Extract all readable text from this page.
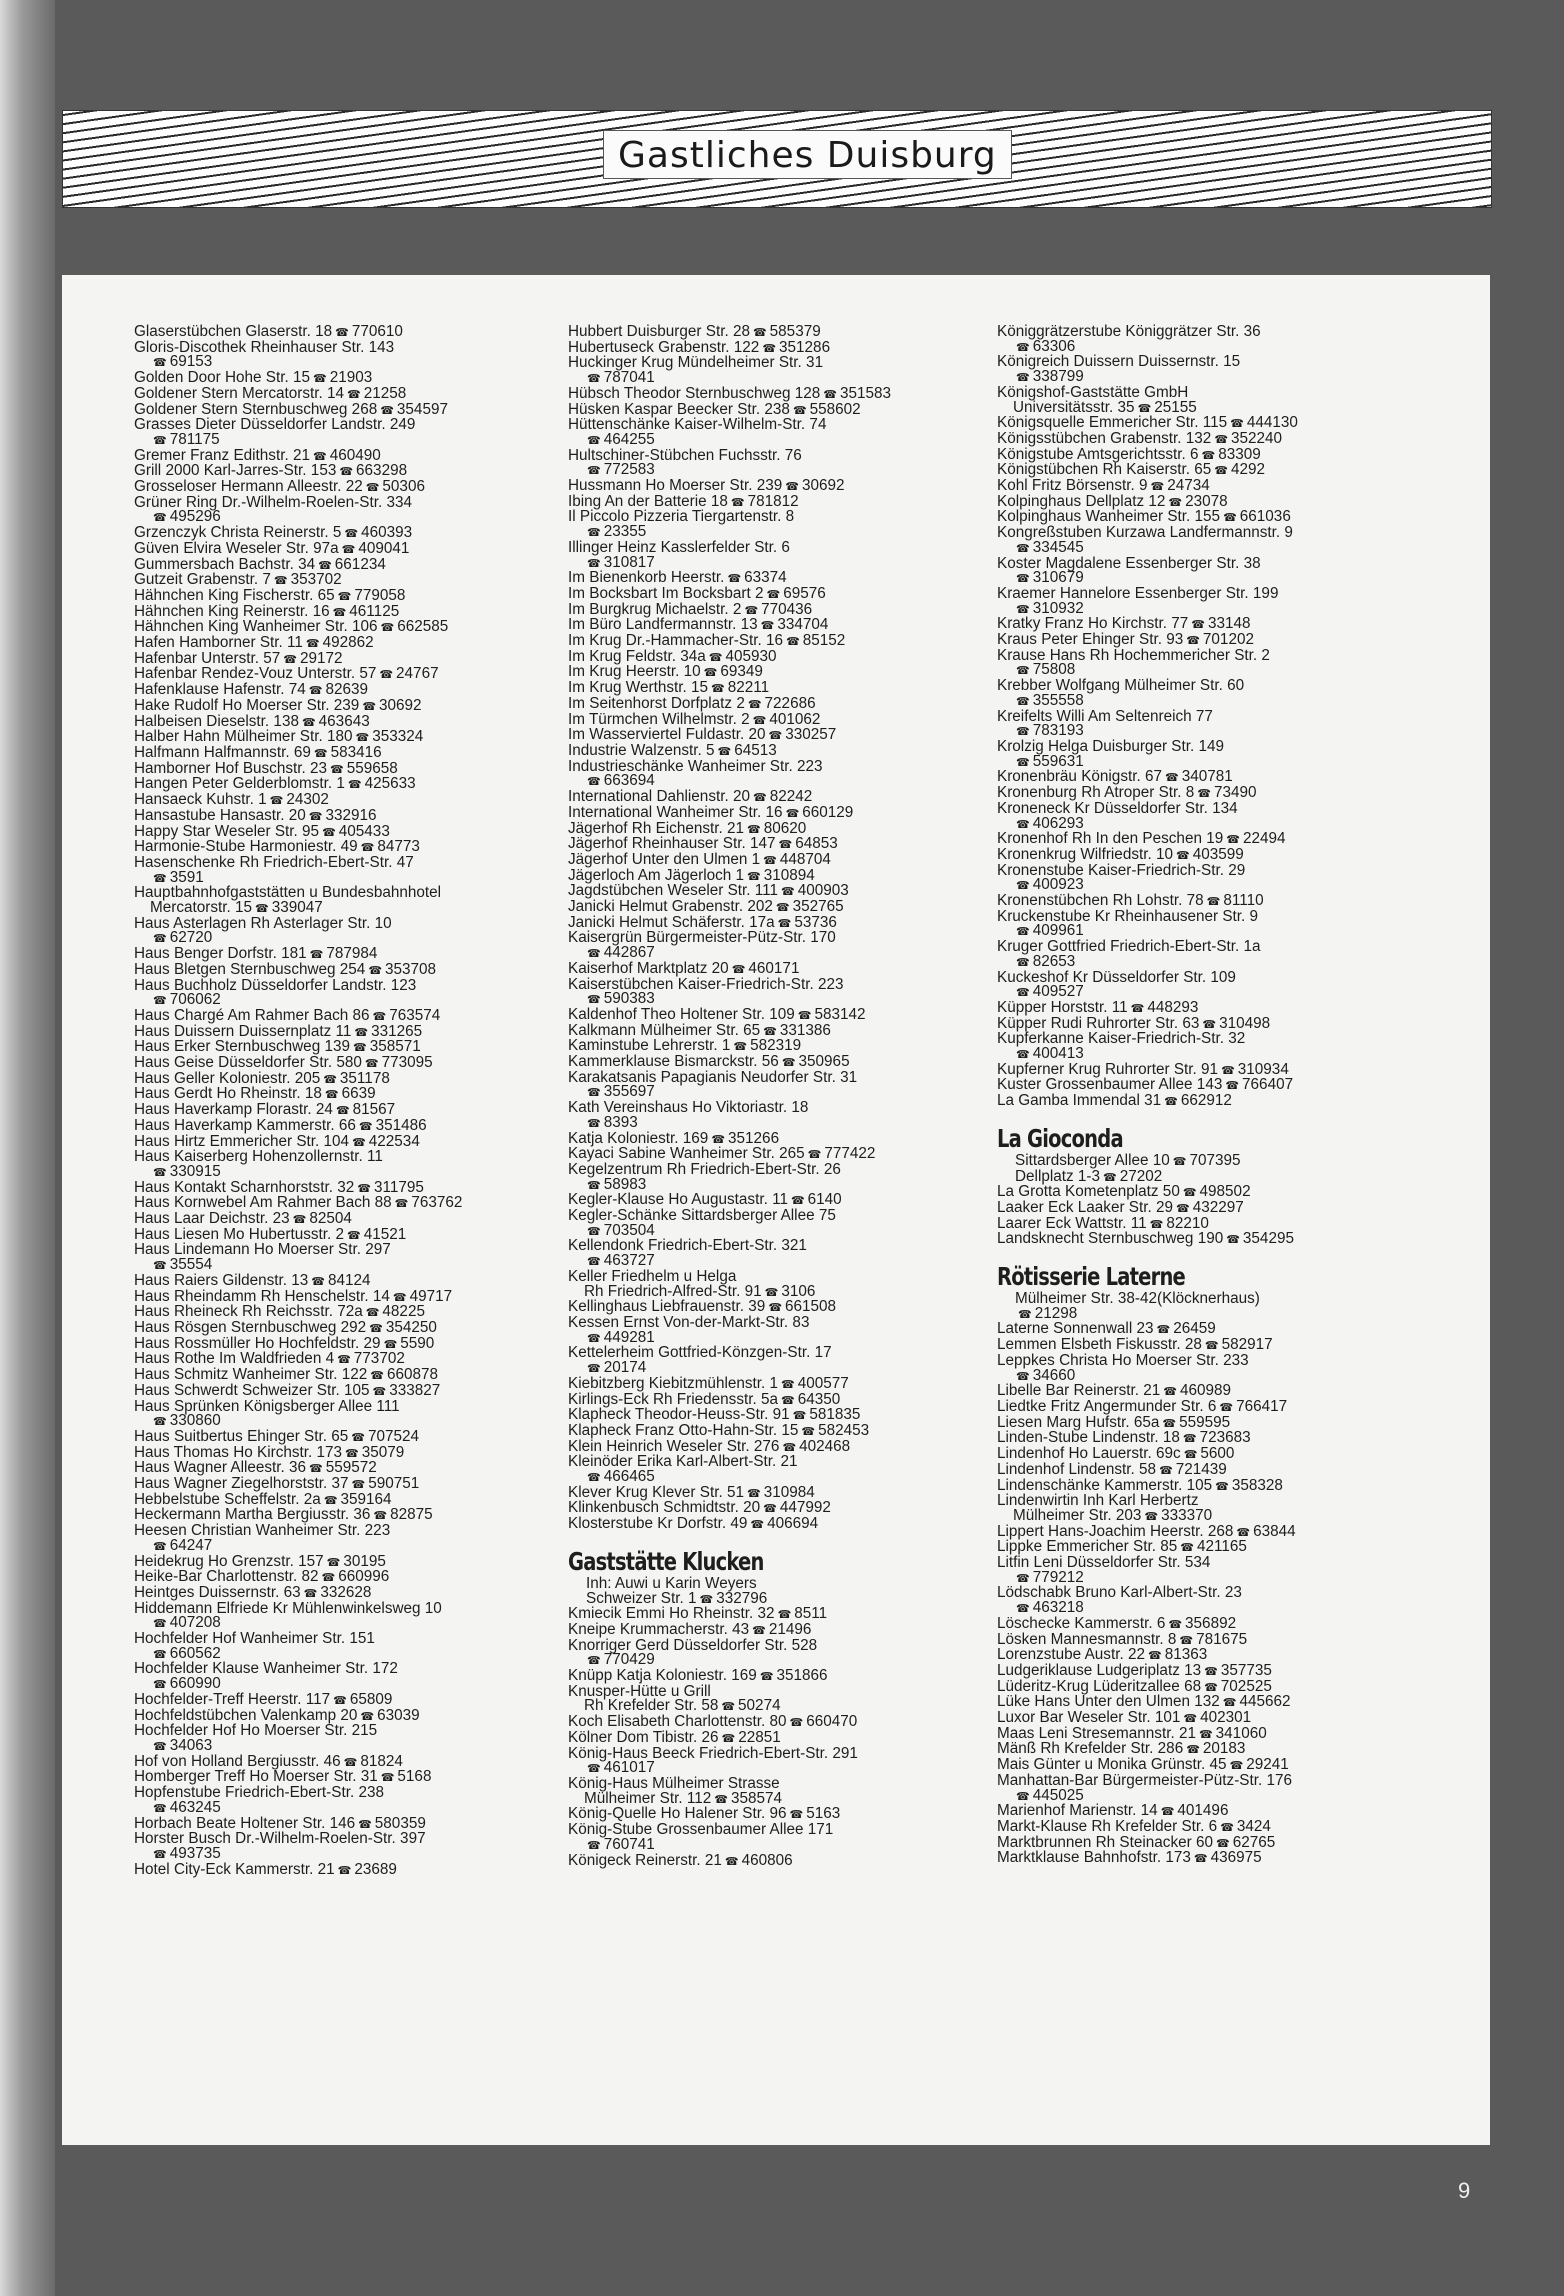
Gastliches Duisburg
Glaserstübchen Glaserstr. 18 ☎ 770610
Gloris-Discothek Rheinhauser Str. 143
☎ 69153
Golden Door Hohe Str. 15 ☎ 21903
Goldener Stern Mercatorstr. 14 ☎ 21258
Goldener Stern Sternbuschweg 268 ☎ 354597
Grasses Dieter Düsseldorfer Landstr. 249
☎ 781175
Gremer Franz Edithstr. 21 ☎ 460490
Grill 2000 Karl-Jarres-Str. 153 ☎ 663298
Grosseloser Hermann Alleestr. 22 ☎ 50306
Grüner Ring Dr.-Wilhelm-Roelen-Str. 334
☎ 495296
Grzenczyk Christa Reinerstr. 5 ☎ 460393
Güven Elvira Weseler Str. 97a ☎ 409041
Gummersbach Bachstr. 34 ☎ 661234
Gutzeit Grabenstr. 7 ☎ 353702
Hähnchen King Fischerstr. 65 ☎ 779058
Hähnchen King Reinerstr. 16 ☎ 461125
Hähnchen King Wanheimer Str. 106 ☎ 662585
Hafen Hamborner Str. 11 ☎ 492862
Hafenbar Unterstr. 57 ☎ 29172
Hafenbar Rendez-Vouz Unterstr. 57 ☎ 24767
Hafenklause Hafenstr. 74 ☎ 82639
Hake Rudolf Ho Moerser Str. 239 ☎ 30692
Halbeisen Dieselstr. 138 ☎ 463643
Halber Hahn Mülheimer Str. 180 ☎ 353324
Halfmann Halfmannstr. 69 ☎ 583416
Hamborner Hof Buschstr. 23 ☎ 559658
Hangen Peter Gelderblomstr. 1 ☎ 425633
Hansaeck Kuhstr. 1 ☎ 24302
Hansastube Hansastr. 20 ☎ 332916
Happy Star Weseler Str. 95 ☎ 405433
Harmonie-Stube Harmoniestr. 49 ☎ 84773
Hasenschenke Rh Friedrich-Ebert-Str. 47
☎ 3591
Hauptbahnhofgaststätten u Bundesbahnhotel
Mercatorstr. 15 ☎ 339047
Haus Asterlagen Rh Asterlager Str. 10
☎ 62720
Haus Benger Dorfstr. 181 ☎ 787984
Haus Bletgen Sternbuschweg 254 ☎ 353708
Haus Buchholz Düsseldorfer Landstr. 123
☎ 706062
Haus Chargé Am Rahmer Bach 86 ☎ 763574
Haus Duissern Duissernplatz 11 ☎ 331265
Haus Erker Sternbuschweg 139 ☎ 358571
Haus Geise Düsseldorfer Str. 580 ☎ 773095
Haus Geller Koloniestr. 205 ☎ 351178
Haus Gerdt Ho Rheinstr. 18 ☎ 6639
Haus Haverkamp Florastr. 24 ☎ 81567
Haus Haverkamp Kammerstr. 66 ☎ 351486
Haus Hirtz Emmericher Str. 104 ☎ 422534
Haus Kaiserberg Hohenzollernstr. 11
☎ 330915
Haus Kontakt Scharnhorststr. 32 ☎ 311795
Haus Kornwebel Am Rahmer Bach 88 ☎ 763762
Haus Laar Deichstr. 23 ☎ 82504
Haus Liesen Mo Hubertusstr. 2 ☎ 41521
Haus Lindemann Ho Moerser Str. 297
☎ 35554
Haus Raiers Gildenstr. 13 ☎ 84124
Haus Rheindamm Rh Henschelstr. 14 ☎ 49717
Haus Rheineck Rh Reichsstr. 72a ☎ 48225
Haus Rösgen Sternbuschweg 292 ☎ 354250
Haus Rossmüller Ho Hochfeldstr. 29 ☎ 5590
Haus Rothe Im Waldfrieden 4 ☎ 773702
Haus Schmitz Wanheimer Str. 122 ☎ 660878
Haus Schwerdt Schweizer Str. 105 ☎ 333827
Haus Sprünken Königsberger Allee 111
☎ 330860
Haus Suitbertus Ehinger Str. 65 ☎ 707524
Haus Thomas Ho Kirchstr. 173 ☎ 35079
Haus Wagner Alleestr. 36 ☎ 559572
Haus Wagner Ziegelhorststr. 37 ☎ 590751
Hebbelstube Scheffelstr. 2a ☎ 359164
Heckermann Martha Bergiusstr. 36 ☎ 82875
Heesen Christian Wanheimer Str. 223
☎ 64247
Heidekrug Ho Grenzstr. 157 ☎ 30195
Heike-Bar Charlottenstr. 82 ☎ 660996
Heintges Duissernstr. 63 ☎ 332628
Hiddemann Elfriede Kr Mühlenwinkelsweg 10
☎ 407208
Hochfelder Hof Wanheimer Str. 151
☎ 660562
Hochfelder Klause Wanheimer Str. 172
☎ 660990
Hochfelder-Treff Heerstr. 117 ☎ 65809
Hochfeldstübchen Valenkamp 20 ☎ 63039
Hochfelder Hof Ho Moerser Str. 215
☎ 34063
Hof von Holland Bergiusstr. 46 ☎ 81824
Homberger Treff Ho Moerser Str. 31 ☎ 5168
Hopfenstube Friedrich-Ebert-Str. 238
☎ 463245
Horbach Beate Holtener Str. 146 ☎ 580359
Horster Busch Dr.-Wilhelm-Roelen-Str. 397
☎ 493735
Hotel City-Eck Kammerstr. 21 ☎ 23689
Hubbert Duisburger Str. 28 ☎ 585379
Hubertuseck Grabenstr. 122 ☎ 351286
Huckinger Krug Mündelheimer Str. 31
☎ 787041
Hübsch Theodor Sternbuschweg 128 ☎ 351583
Hüsken Kaspar Beecker Str. 238 ☎ 558602
Hüttenschänke Kaiser-Wilhelm-Str. 74
☎ 464255
Hultschiner-Stübchen Fuchsstr. 76
☎ 772583
Hussmann Ho Moerser Str. 239 ☎ 30692
Ibing An der Batterie 18 ☎ 781812
Il Piccolo Pizzeria Tiergartenstr. 8
☎ 23355
Illinger Heinz Kasslerfelder Str. 6
☎ 310817
Im Bienenkorb Heerstr. ☎ 63374
Im Bocksbart Im Bocksbart 2 ☎ 69576
Im Burgkrug Michaelstr. 2 ☎ 770436
Im Büro Landfermannstr. 13 ☎ 334704
Im Krug Dr.-Hammacher-Str. 16 ☎ 85152
Im Krug Feldstr. 34a ☎ 405930
Im Krug Heerstr. 10 ☎ 69349
Im Krug Werthstr. 15 ☎ 82211
Im Seitenhorst Dorfplatz 2 ☎ 722686
Im Türmchen Wilhelmstr. 2 ☎ 401062
Im Wasserviertel Fuldastr. 20 ☎ 330257
Industrie Walzenstr. 5 ☎ 64513
Industrieschänke Wanheimer Str. 223
☎ 663694
International Dahlienstr. 20 ☎ 82242
International Wanheimer Str. 16 ☎ 660129
Jägerhof Rh Eichenstr. 21 ☎ 80620
Jägerhof Rheinhauser Str. 147 ☎ 64853
Jägerhof Unter den Ulmen 1 ☎ 448704
Jägerloch Am Jägerloch 1 ☎ 310894
Jagdstübchen Weseler Str. 111 ☎ 400903
Janicki Helmut Grabenstr. 202 ☎ 352765
Janicki Helmut Schäferstr. 17a ☎ 53736
Kaisergrün Bürgermeister-Pütz-Str. 170
☎ 442867
Kaiserhof Marktplatz 20 ☎ 460171
Kaiserstübchen Kaiser-Friedrich-Str. 223
☎ 590383
Kaldenhof Theo Holtener Str. 109 ☎ 583142
Kalkmann Mülheimer Str. 65 ☎ 331386
Kaminstube Lehrerstr. 1 ☎ 582319
Kammerklause Bismarckstr. 56 ☎ 350965
Karakatsanis Papagianis Neudorfer Str. 31
☎ 355697
Kath Vereinshaus Ho Viktoriastr. 18
☎ 8393
Katja Koloniestr. 169 ☎ 351266
Kayaci Sabine Wanheimer Str. 265 ☎ 777422
Kegelzentrum Rh Friedrich-Ebert-Str. 26
☎ 58983
Kegler-Klause Ho Augustastr. 11 ☎ 6140
Kegler-Schänke Sittardsberger Allee 75
☎ 703504
Kellendonk Friedrich-Ebert-Str. 321
☎ 463727
Keller Friedhelm u Helga
Rh Friedrich-Alfred-Str. 91 ☎ 3106
Kellinghaus Liebfrauenstr. 39 ☎ 661508
Kessen Ernst Von-der-Markt-Str. 83
☎ 449281
Kettelerheim Gottfried-Könzgen-Str. 17
☎ 20174
Kiebitzberg Kiebitzmühlenstr. 1 ☎ 400577
Kirlings-Eck Rh Friedensstr. 5a ☎ 64350
Klapheck Theodor-Heuss-Str. 91 ☎ 581835
Klapheck Franz Otto-Hahn-Str. 15 ☎ 582453
Klein Heinrich Weseler Str. 276 ☎ 402468
Kleinöder Erika Karl-Albert-Str. 21
☎ 466465
Klever Krug Klever Str. 51 ☎ 310984
Klinkenbusch Schmidtstr. 20 ☎ 447992
Klosterstube Kr Dorfstr. 49 ☎ 406694
Gaststätte Klucken
Inh: Auwi u Karin Weyers
Schweizer Str. 1 ☎ 332796
Kmiecik Emmi Ho Rheinstr. 32 ☎ 8511
Kneipe Krummacherstr. 43 ☎ 21496
Knorriger Gerd Düsseldorfer Str. 528
☎ 770429
Knüpp Katja Koloniestr. 169 ☎ 351866
Knusper-Hütte u Grill
Rh Krefelder Str. 58 ☎ 50274
Koch Elisabeth Charlottenstr. 80 ☎ 660470
Kölner Dom Tibistr. 26 ☎ 22851
König-Haus Beeck Friedrich-Ebert-Str. 291
☎ 461017
König-Haus Mülheimer Strasse
Mülheimer Str. 112 ☎ 358574
König-Quelle Ho Halener Str. 96 ☎ 5163
König-Stube Grossenbaumer Allee 171
☎ 760741
Königeck Reinerstr. 21 ☎ 460806
Königgrätzerstube Königgrätzer Str. 36
☎ 63306
Königreich Duissern Duissernstr. 15
☎ 338799
Königshof-Gaststätte GmbH
Universitätsstr. 35 ☎ 25155
Königsquelle Emmericher Str. 115 ☎ 444130
Königsstübchen Grabenstr. 132 ☎ 352240
Königstube Amtsgerichtsstr. 6 ☎ 83309
Königstübchen Rh Kaiserstr. 65 ☎ 4292
Kohl Fritz Börsenstr. 9 ☎ 24734
Kolpinghaus Dellplatz 12 ☎ 23078
Kolpinghaus Wanheimer Str. 155 ☎ 661036
Kongreßstuben Kurzawa Landfermannstr. 9
☎ 334545
Koster Magdalene Essenberger Str. 38
☎ 310679
Kraemer Hannelore Essenberger Str. 199
☎ 310932
Kratky Franz Ho Kirchstr. 77 ☎ 33148
Kraus Peter Ehinger Str. 93 ☎ 701202
Krause Hans Rh Hochemmericher Str. 2
☎ 75808
Krebber Wolfgang Mülheimer Str. 60
☎ 355558
Kreifelts Willi Am Seltenreich 77
☎ 783193
Krolzig Helga Duisburger Str. 149
☎ 559631
Kronenbräu Königstr. 67 ☎ 340781
Kronenburg Rh Atroper Str. 8 ☎ 73490
Kroneneck Kr Düsseldorfer Str. 134
☎ 406293
Kronenhof Rh In den Peschen 19 ☎ 22494
Kronenkrug Wilfriedstr. 10 ☎ 403599
Kronenstube Kaiser-Friedrich-Str. 29
☎ 400923
Kronenstübchen Rh Lohstr. 78 ☎ 81110
Kruckenstube Kr Rheinhausener Str. 9
☎ 409961
Kruger Gottfried Friedrich-Ebert-Str. 1a
☎ 82653
Kuckeshof Kr Düsseldorfer Str. 109
☎ 409527
Küpper Horststr. 11 ☎ 448293
Küpper Rudi Ruhrorter Str. 63 ☎ 310498
Kupferkanne Kaiser-Friedrich-Str. 32
☎ 400413
Kupferner Krug Ruhrorter Str. 91 ☎ 310934
Kuster Grossenbaumer Allee 143 ☎ 766407
La Gamba Immendal 31 ☎ 662912
La Gioconda
Sittardsberger Allee 10 ☎ 707395
Dellplatz 1-3 ☎ 27202
La Grotta Kometenplatz 50 ☎ 498502
Laaker Eck Laaker Str. 29 ☎ 432297
Laarer Eck Wattstr. 11 ☎ 82210
Landsknecht Sternbuschweg 190 ☎ 354295
Rötisserie Laterne
Mülheimer Str. 38-42(Klöcknerhaus)
☎ 21298
Laterne Sonnenwall 23 ☎ 26459
Lemmen Elsbeth Fiskusstr. 28 ☎ 582917
Leppkes Christa Ho Moerser Str. 233
☎ 34660
Libelle Bar Reinerstr. 21 ☎ 460989
Liedtke Fritz Angermunder Str. 6 ☎ 766417
Liesen Marg Hufstr. 65a ☎ 559595
Linden-Stube Lindenstr. 18 ☎ 723683
Lindenhof Ho Lauerstr. 69c ☎ 5600
Lindenhof Lindenstr. 58 ☎ 721439
Lindenschänke Kammerstr. 105 ☎ 358328
Lindenwirtin Inh Karl Herbertz
Mülheimer Str. 203 ☎ 333370
Lippert Hans-Joachim Heerstr. 268 ☎ 63844
Lippke Emmericher Str. 85 ☎ 421165
Litfin Leni Düsseldorfer Str. 534
☎ 779212
Lödschabk Bruno Karl-Albert-Str. 23
☎ 463218
Löschecke Kammerstr. 6 ☎ 356892
Lösken Mannesmannstr. 8 ☎ 781675
Lorenzstube Austr. 22 ☎ 81363
Ludgeriklause Ludgeriplatz 13 ☎ 357735
Lüderitz-Krug Lüderitzallee 68 ☎ 702525
Lüke Hans Unter den Ulmen 132 ☎ 445662
Luxor Bar Weseler Str. 101 ☎ 402301
Maas Leni Stresemannstr. 21 ☎ 341060
Mänß Rh Krefelder Str. 286 ☎ 20183
Mais Günter u Monika Grünstr. 45 ☎ 29241
Manhattan-Bar Bürgermeister-Pütz-Str. 176
☎ 445025
Marienhof Marienstr. 14 ☎ 401496
Markt-Klause Rh Krefelder Str. 6 ☎ 3424
Marktbrunnen Rh Steinacker 60 ☎ 62765
Marktklause Bahnhofstr. 173 ☎ 436975
9
